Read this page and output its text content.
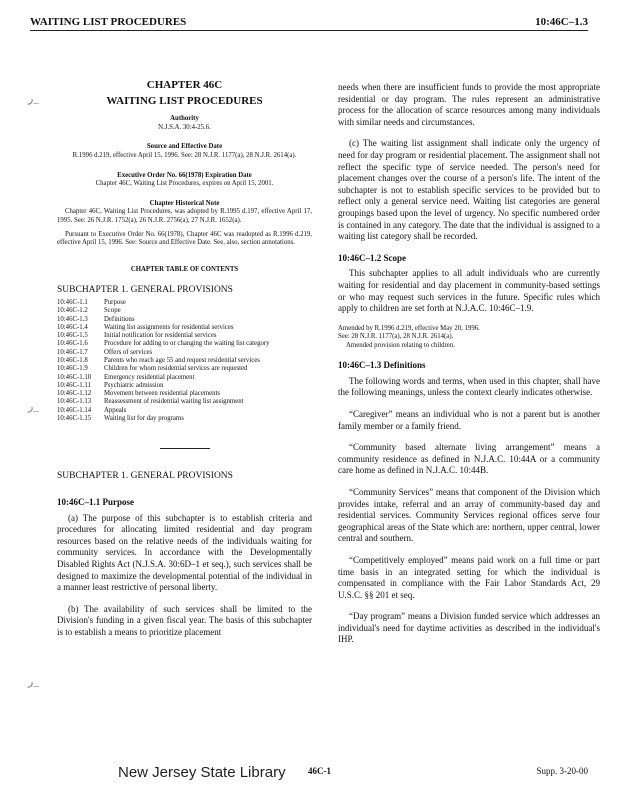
WAITING LIST PROCEDURES	10:46C–1.3
ر_
ر_
ر_
CHAPTER 46C
WAITING LIST PROCEDURES
Authority
N.J.S.A. 30:4-25.6.
Source and Effective Date
R.1996 d.219, effective April 15, 1996. See: 28 N.J.R. 1177(a), 28 N.J.R. 2614(a).
Executive Order No. 66(1978) Expiration Date
Chapter 46C, Waiting List Procedures, expires on April 15, 2001.
Chapter Historical Note
Chapter 46C, Waiting List Procedures, was adopted by R.1995 d.197, effective April 17, 1995. See: 26 N.J.R. 1752(a), 26 N.J.R. 2756(a), 27 N.J.R. 1652(a).
Pursuant to Executive Order No. 66(1978), Chapter 46C was readopted as R.1996 d.219, effective April 15, 1996. See: Source and Effective Date. See, also, section annotations.
CHAPTER TABLE OF CONTENTS
SUBCHAPTER 1. GENERAL PROVISIONS
10:46C-1.1	Purpose
10:46C-1.2	Scope
10:46C-1.3	Definitions
10:46C-1.4	Waiting list assignments for residential services
10:46C-1.5	Initial notification for residential services
10:46C-1.6	Procedure for adding to or changing the waiting list category
10:46C-1.7	Offers of services
10:46C-1.8	Parents who reach age 55 and request residential services
10:46C-1.9	Children for whom residential services are requested
10:46C-1.10	Emergency residential placement
10:46C-1.11	Psychiatric admission
10:46C-1.12	Movement between residential placements
10:46C-1.13	Reassessment of residential waiting list assignment
10:46C-1.14	Appeals
10:46C-1.15	Waiting list for day programs
SUBCHAPTER 1. GENERAL PROVISIONS
10:46C–1.1 Purpose

(a) The purpose of this subchapter is to establish criteria and procedures for allocating limited residential and day program resources based on the relative needs of the individuals waiting for community services. In accordance with the Developmentally Disabled Rights Act (N.J.S.A. 30:6D–1 et seq.), such services shall be designed to maximize the developmental potential of the individual in a manner least restrictive of personal liberty.

(b) The availability of such services shall be limited to the Division's funding in a given fiscal year. The basis of this subchapter is to establish a means to prioritize placement

needs when there are insufficient funds to provide the most appropriate residential or day program. The rules represent an administrative process for the allocation of scarce resources among many individuals with similar needs and circumstances.

(c) The waiting list assignment shall indicate only the urgency of need for day program or residential placement. The assignment shall not reflect the specific type of service needed. The person's need for placement changes over the course of a person's life. The intent of the subchapter is not to establish specific services to be provided but to reflect only a general service need. Waiting list categories are general groupings based upon the level of urgency. No specific numbered order is contained in any category. The date that the individual is assigned to a waiting list category shall be recorded.

10:46C–1.2 Scope

This subchapter applies to all adult individuals who are currently waiting for residential and day placement in community-based settings or who may request such services in the future. Specific rules which apply to children are set forth at N.J.A.C. 10:46C–1.9.

Amended by R.1996 d.219, effective May 20, 1996.
See: 28 N.J.R. 1177(a), 28 N.J.R. 2614(a).
Amended provision relating to children.
10:46C–1.3 Definitions

The following words and terms, when used in this chapter, shall have the following meanings, unless the context clearly indicates otherwise.

“Caregiver” means an individual who is not a parent but is another family member or a family friend.

“Community based alternate living arrangement” means a community residence as defined in N.J.A.C. 10:44A or a community care home as defined in N.J.A.C. 10:44B.

“Community Services” means that component of the Division which provides intake, referral and an array of community-based day and residential services. Community Services regional offices serve four geographical areas of the State which are: northern, upper central, lower central and southern.

“Competitively employed” means paid work on a full time or part time basis in an integrated setting for which the individual is compensated in compliance with the Fair Labor Standards Act, 29 U.S.C. §§ 201 et seq.

“Day program” means a Division funded service which addresses an individual's need for daytime activities as described in the individual's IHP.

New Jersey State Library 46C-1	Supp. 3-20-00
